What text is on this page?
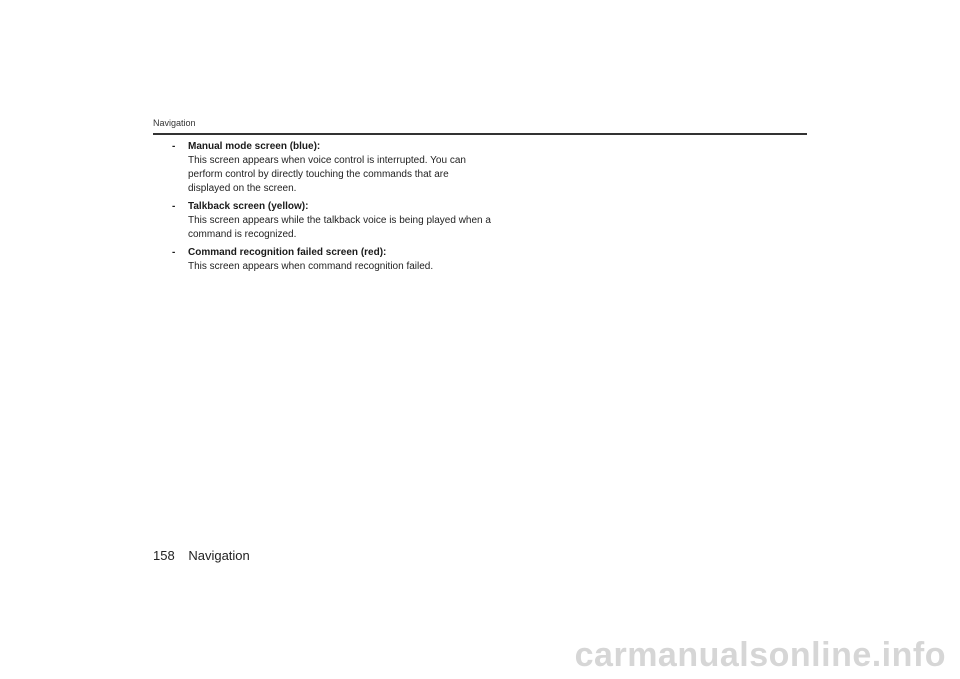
Navigation
- Manual mode screen (blue):
This screen appears when voice control is interrupted. You can perform control by directly touching the commands that are displayed on the screen.
- Talkback screen (yellow):
This screen appears while the talkback voice is being played when a command is recognized.
- Command recognition failed screen (red):
This screen appears when command recognition failed.
158 Navigation
carmanualsonline.info
